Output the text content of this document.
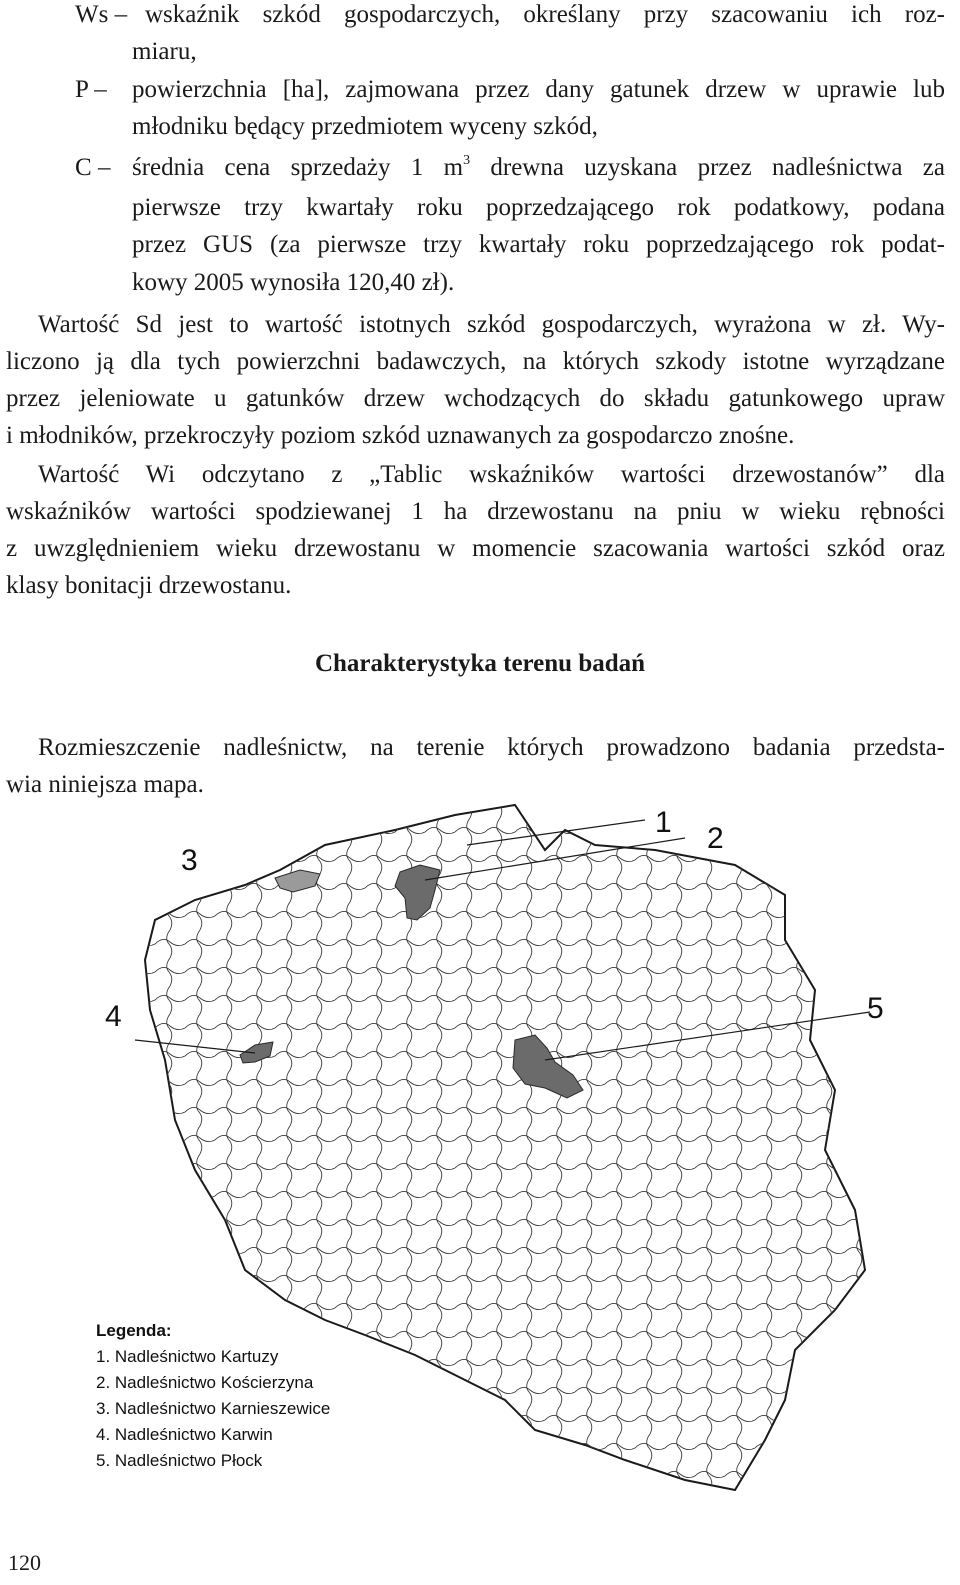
Ws – wskaźnik szkód gospodarczych, określany przy szacowaniu ich roz-
miaru,
P – powierzchnia [ha], zajmowana przez dany gatunek drzew w uprawie lub
młodniku będący przedmiotem wyceny szkód,
C – średnia cena sprzedaży 1 $m^3$ drewna uzyskana przez nadleśnictwa za
pierwsze trzy kwartały roku poprzedzającego rok podatkowy, podana
przez GUS (za pierwsze trzy kwartały roku poprzedzającego rok podat-
kowy 2005 wynosiła 120,40 zł).
Wartość Sd jest to wartość istotnych szkód gospodarczych, wyrażona w zł. Wy-
liczono ją dla tych powierzchni badawczych, na których szkody istotne wyrządzane
przez jeleniowate u gatunków drzew wchodzących do składu gatunkowego upraw
i młodników, przekroczyły poziom szkód uznawanych za gospodarczo znośne.
Wartość Wi odczytano z „Tablic wskaźników wartości drzewostanów” dla
wskaźników wartości spodziewanej 1 ha drzewostanu na pniu w wieku rębności
z uwzględnieniem wieku drzewostanu w momencie szacowania wartości szkód oraz
klasy bonitacji drzewostanu.
Charakterystyka terenu badań
Rozmieszczenie nadleśnictw, na terenie których prowadzono badania przedsta-
wia niniejsza mapa.
1 2
3
4	5
Legenda:
1. Nadleśnictwo Kartuzy
2. Nadleśnictwo Kościerzyna
3. Nadleśnictwo Karnieszewice
4. Nadleśnictwo Karwin
5. Nadleśnictwo Płock
120
